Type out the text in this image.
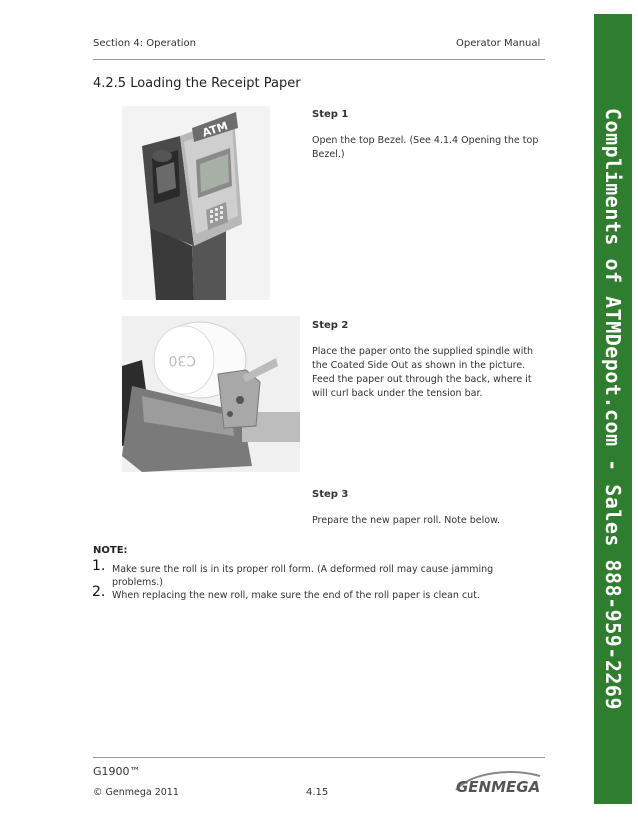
Section 4: Operation	Operator Manual
4.2.5 Loading the Receipt Paper
ATM
C30
Step 1
Open the top Bezel. (See 4.1.4 Opening the top Bezel.)
Step 2
Place the paper onto the supplied spindle with the Coated Side Out as shown in the picture. Feed the paper out through the back, where it will curl back under the tension bar.
Step 3
Prepare the new paper roll. Note below.
NOTE:
1. Make sure the roll is in its proper roll form. (A deformed roll may cause jamming problems.)
2. When replacing the new roll, make sure the end of the roll paper is clean cut.
G1900™
© Genmega 2011	4.15	GENMEGA
Compliments of ATMDepot.com - Sales 888-959-2269
